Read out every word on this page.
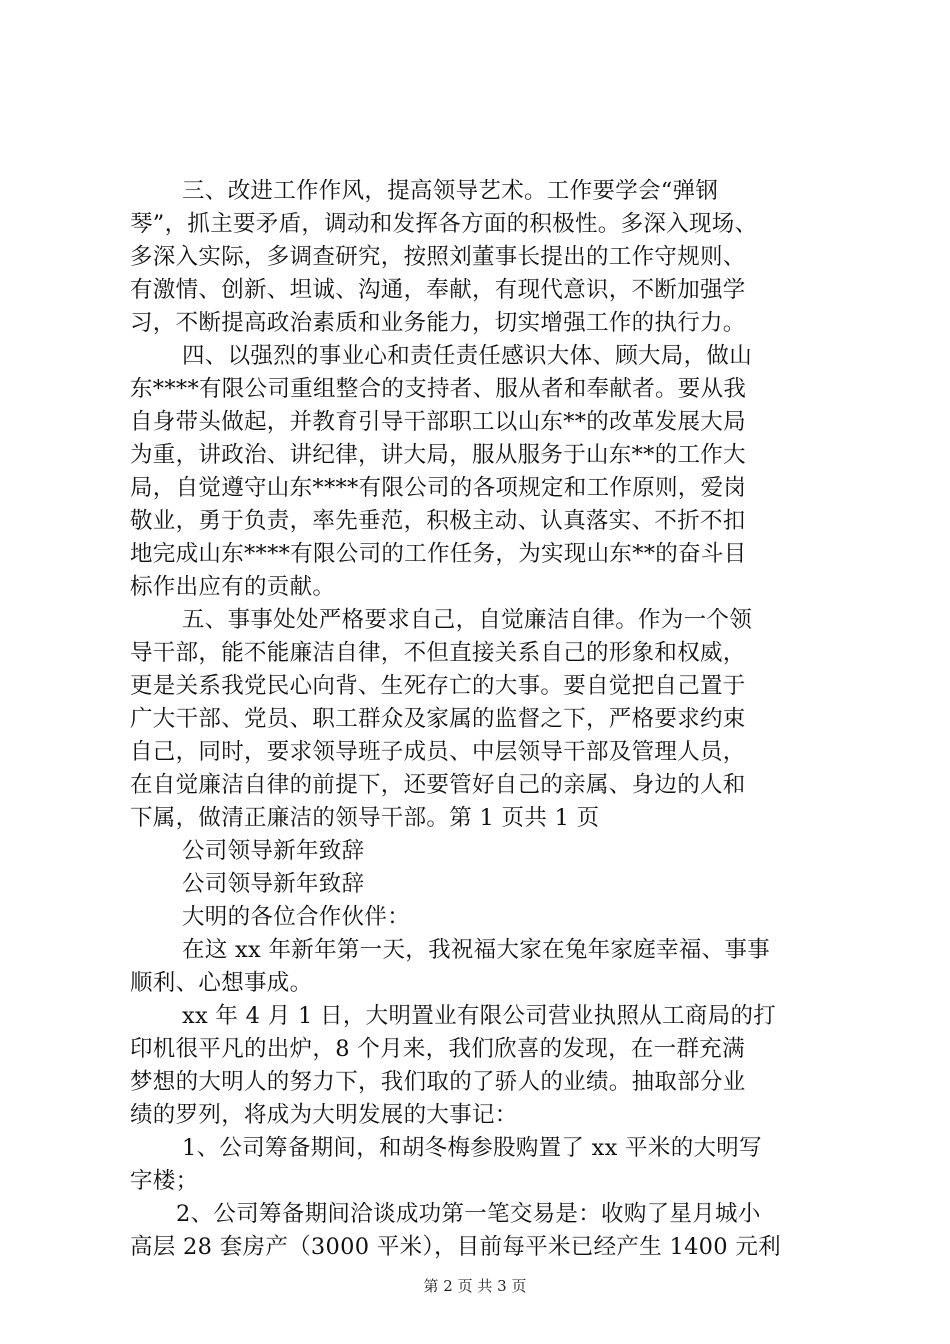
三、改进工作作风，提高领导艺术。工作要学会“弹钢
琴”，抓主要矛盾，调动和发挥各方面的积极性。多深入现场、
多深入实际，多调查研究，按照刘董事长提出的工作守规则、
有激情、创新、坦诚、沟通，奉献，有现代意识，不断加强学
习，不断提高政治素质和业务能力，切实增强工作的执行力。
四、以强烈的事业心和责任责任感识大体、顾大局，做山
东****有限公司重组整合的支持者、服从者和奉献者。要从我
自身带头做起，并教育引导干部职工以山东**的改革发展大局
为重，讲政治、讲纪律，讲大局，服从服务于山东**的工作大
局，自觉遵守山东****有限公司的各项规定和工作原则，爱岗
敬业，勇于负责，率先垂范，积极主动、认真落实、不折不扣
地完成山东****有限公司的工作任务，为实现山东**的奋斗目
标作出应有的贡献。
五、事事处处严格要求自己，自觉廉洁自律。作为一个领
导干部，能不能廉洁自律，不但直接关系自己的形象和权威，
更是关系我党民心向背、生死存亡的大事。要自觉把自己置于
广大干部、党员、职工群众及家属的监督之下，严格要求约束
自己，同时，要求领导班子成员、中层领导干部及管理人员，
在自觉廉洁自律的前提下，还要管好自己的亲属、身边的人和
下属，做清正廉洁的领导干部。第 1 页共 1 页
公司领导新年致辞
公司领导新年致辞
大明的各位合作伙伴：
在这 xx 年新年第一天，我祝福大家在兔年家庭幸福、事事
顺利、心想事成。
xx 年 4 月 1 日，大明置业有限公司营业执照从工商局的打
印机很平凡的出炉，8 个月来，我们欣喜的发现，在一群充满
梦想的大明人的努力下，我们取的了骄人的业绩。抽取部分业
绩的罗列，将成为大明发展的大事记：
1、公司筹备期间，和胡冬梅参股购置了 xx 平米的大明写
字楼；
2、公司筹备期间洽谈成功第一笔交易是：收购了星月城小
高层 28 套房产（3000 平米），目前每平米已经产生 1400 元利
第 2 页 共 3 页
